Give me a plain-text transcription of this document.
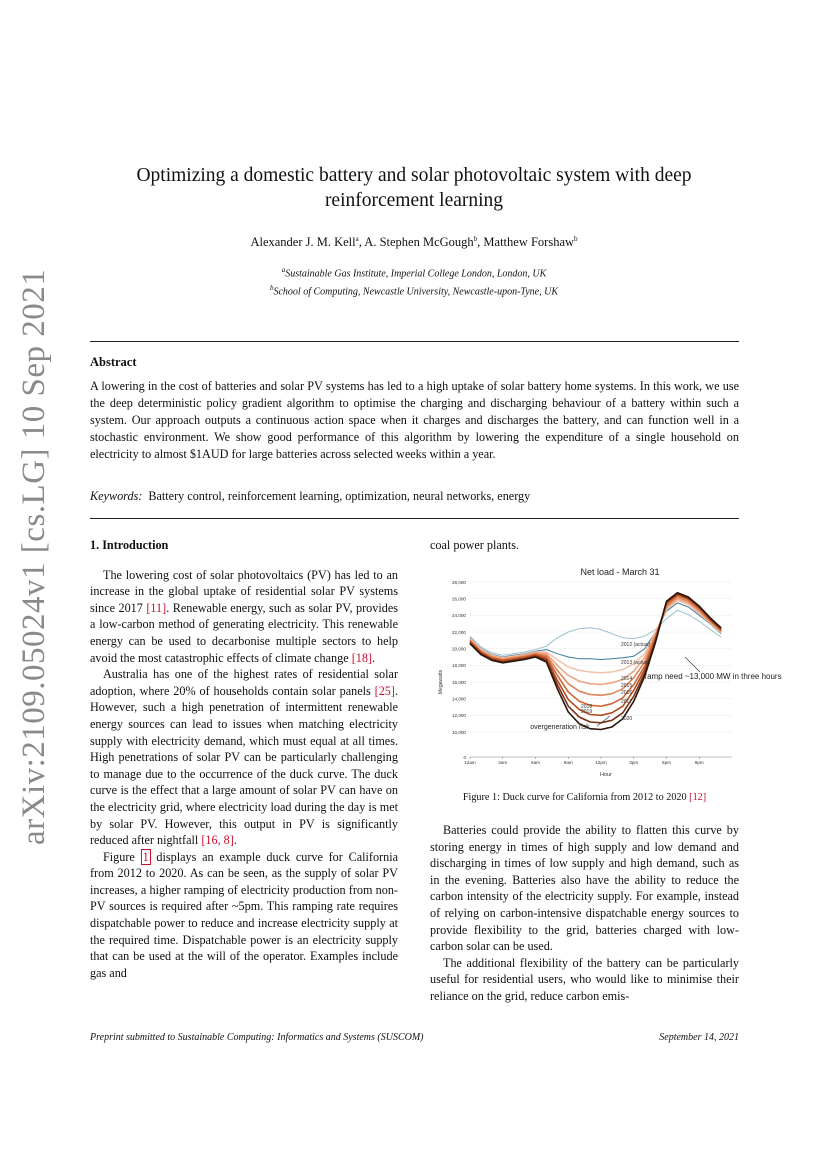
arXiv:2109.05024v1 [cs.LG] 10 Sep 2021
Optimizing a domestic battery and solar photovoltaic system with deep
reinforcement learning
Alexander J. M. Kell$^a$, A. Stephen McGough$^b$, Matthew Forshaw$^b$
$^a$Sustainable Gas Institute, Imperial College London, London, UK
$^b$School of Computing, Newcastle University, Newcastle-upon-Tyne, UK
Abstract
A lowering in the cost of batteries and solar PV systems has led to a high uptake of solar battery home systems. In this work, we use the deep deterministic policy gradient algorithm to optimise the charging and discharging behaviour of a battery within such a system. Our approach outputs a continuous action space when it charges and discharges the battery, and can function well in a stochastic environment. We show good performance of this algorithm by lowering the expenditure of a single household on electricity to almost $1AUD for large batteries across selected weeks within a year.
Keywords: Battery control, reinforcement learning, optimization, neural networks, energy
1. Introduction

The lowering cost of solar photovoltaics (PV) has led to an increase in the global uptake of residential solar PV systems since 2017 [11]. Renewable energy, such as solar PV, provides a low-carbon method of generating electricity. This renewable energy can be used to decarbonise multiple sectors to help avoid the most catastrophic effects of climate change [18].

Australia has one of the highest rates of residential solar adoption, where 20% of households contain solar panels [25]. However, such a high penetration of intermittent renewable energy sources can lead to issues when matching electricity supply with electricity demand, which must equal at all times. High penetrations of solar PV can be particularly challenging to manage due to the occurrence of the duck curve. The duck curve is the effect that a large amount of solar PV can have on the electricity grid, where electricity load during the day is met by solar PV. However, this output in PV is significantly reduced after nightfall [16, 8].

Figure 1 displays an example duck curve for California from 2012 to 2020. As can be seen, as the supply of solar PV increases, a higher ramping of electricity production from non-PV sources is required after ~5pm. This ramping rate requires dispatchable power to reduce and increase electricity supply at the required time. Dispatchable power is an electricity supply that can be used at the will of the operator. Examples include gas and

coal power plants.
Net load - March 31
Megawatts
Hour
0
10,000
12,000
14,000
16,000
18,000
20,000
22,000
24,000
26,000
28,000
12am	3am	6am	9am	12pm	3pm	6pm	9pm
2012 (actual)
2013 (actual)
2014
2015
2016
2017
2018
2019
2020
overgeneration risk
ramp need ~13,000 MW in three hours
Figure 1: Duck curve for California from 2012 to 2020 [12]

Batteries could provide the ability to flatten this curve by storing energy in times of high supply and low demand and discharging in times of low supply and high demand, such as in the evening. Batteries also have the ability to reduce the carbon intensity of the electricity supply. For example, instead of relying on carbon-intensive dispatchable energy sources to provide flexibility to the grid, batteries charged with low-carbon solar can be used.

The additional flexibility of the battery can be particularly useful for residential users, who would like to minimise their reliance on the grid, reduce carbon emis-

Preprint submitted to Sustainable Computing: Informatics and Systems (SUSCOM)	September 14, 2021
